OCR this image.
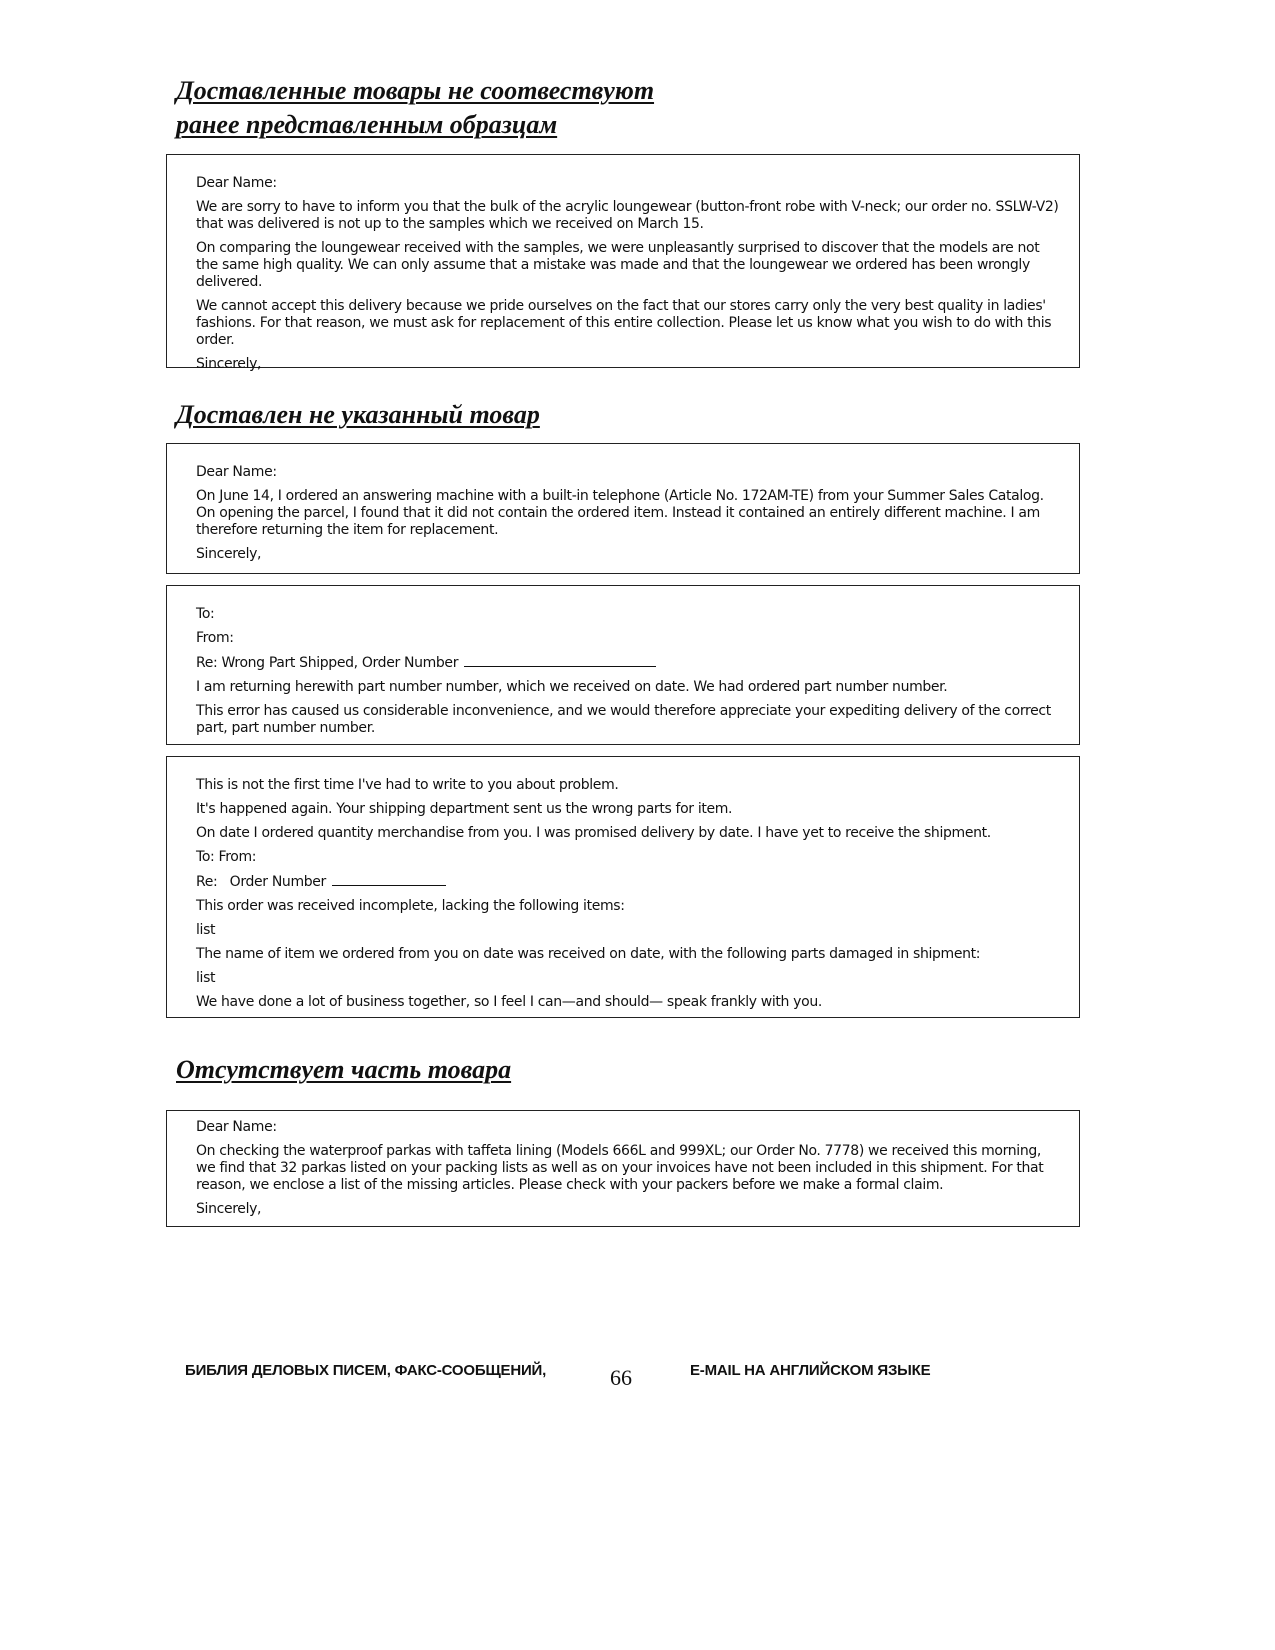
Доставленные товары не соотвествуют
ранее представленным образцам

Dear Name:

We are sorry to have to inform you that the bulk of the acrylic loungewear (button-front robe with V-neck; our order no. SSLW-V2) that was delivered is not up to the samples which we received on March 15.

On comparing the loungewear received with the samples, we were unpleasantly surprised to discover that the models are not the same high quality. We can only assume that a mistake was made and that the loungewear we ordered has been wrongly delivered.

We cannot accept this delivery because we pride ourselves on the fact that our stores carry only the very best quality in ladies' fashions. For that reason, we must ask for replacement of this entire collection. Please let us know what you wish to do with this order.

Sincerely,

Доставлен не указанный товар

Dear Name:

On June 14, I ordered an answering machine with a built-in telephone (Article No. 172AM-TE) from your Summer Sales Catalog. On opening the parcel, I found that it did not contain the ordered item. Instead it contained an entirely different machine. I am therefore returning the item for replacement.

Sincerely,

To:

From:

Re: Wrong Part Shipped, Order Number

I am returning herewith part number number, which we received on date. We had ordered part number number.

This error has caused us considerable inconvenience, and we would therefore appreciate your expediting delivery of the correct part, part number number.

This is not the first time I've had to write to you about problem.

It's happened again. Your shipping department sent us the wrong parts for item.

On date I ordered quantity merchandise from you. I was promised delivery by date. I have yet to receive the shipment.

To: From:

Re:   Order Number

This order was received incomplete, lacking the following items:

list

The name of item we ordered from you on date was received on date, with the following parts damaged in shipment:

list

We have done a lot of business together, so I feel I can—and should— speak frankly with you.

Отсутствует часть товара

Dear Name:

On checking the waterproof parkas with taffeta lining (Models 666L and 999XL; our Order No. 7778) we received this morning, we find that 32 parkas listed on your packing lists as well as on your invoices have not been included in this shipment. For that reason, we enclose a list of the missing articles. Please check with your packers before we make a formal claim.

Sincerely,

БИБЛИЯ ДЕЛОВЫХ ПИСЕМ, ФАКС-СООБЩЕНИЙ,	66	E-MAIL НА АНГЛИЙСКОМ ЯЗЫКЕ
